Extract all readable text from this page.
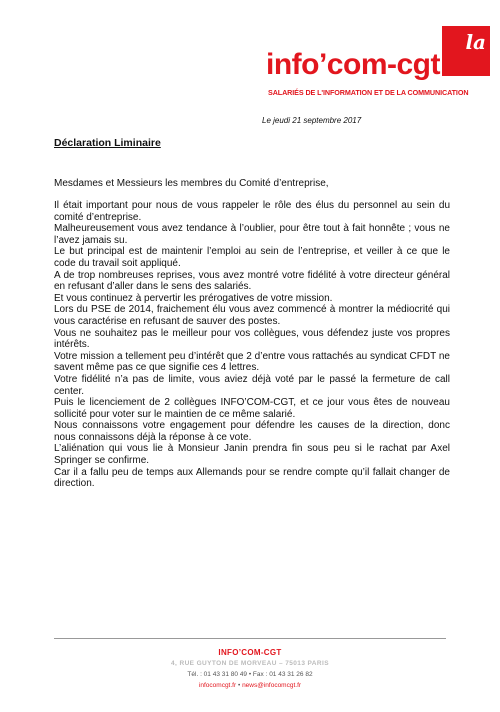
la
info’com-cgt
SALARIÉS DE L'INFORMATION ET DE LA COMMUNICATION
Le jeudi 21 septembre 2017
Déclaration Liminaire
Mesdames et Messieurs les membres du Comité d’entreprise,

Il était important pour nous de vous rappeler le rôle des élus du personnel au sein du comité d’entreprise.

Malheureusement vous avez tendance à l’oublier, pour être tout à fait honnête ; vous ne l’avez jamais su.

Le but principal est de maintenir l’emploi au sein de l’entreprise, et veiller à ce que le code du travail soit appliqué.

A de trop nombreuses reprises, vous avez montré votre fidélité à votre directeur général en refusant d’aller dans le sens des salariés.

Et vous continuez à pervertir les prérogatives de votre mission.

Lors du PSE de 2014, fraichement élu vous avez commencé à montrer la médiocrité qui vous caractérise en refusant de sauver des postes.

Vous ne souhaitez pas le meilleur pour vos collègues, vous défendez juste vos propres intérêts.

Votre mission a tellement peu d’intérêt que 2 d’entre vous rattachés au syndicat CFDT ne savent même pas ce que signifie ces 4 lettres.

Votre fidélité n’a pas de limite, vous aviez déjà voté par le passé la fermeture de call center.

Puis le licenciement de 2 collègues INFO’COM-CGT, et ce jour vous êtes de nouveau sollicité pour voter sur le maintien de ce même salarié.

Nous connaissons votre engagement pour défendre les causes de la direction, donc nous connaissons déjà la réponse à ce vote.

L’aliénation qui vous lie à Monsieur Janin prendra fin sous peu si le rachat par Axel Springer se confirme.

Car il a fallu peu de temps aux Allemands pour se rendre compte qu’il fallait changer de direction.

INFO’COM-CGT
4, RUE GUYTON DE MORVEAU – 75013 PARIS
Tél. : 01 43 31 80 49 • Fax : 01 43 31 26 82
infocomcgt.fr • news@infocomcgt.fr
